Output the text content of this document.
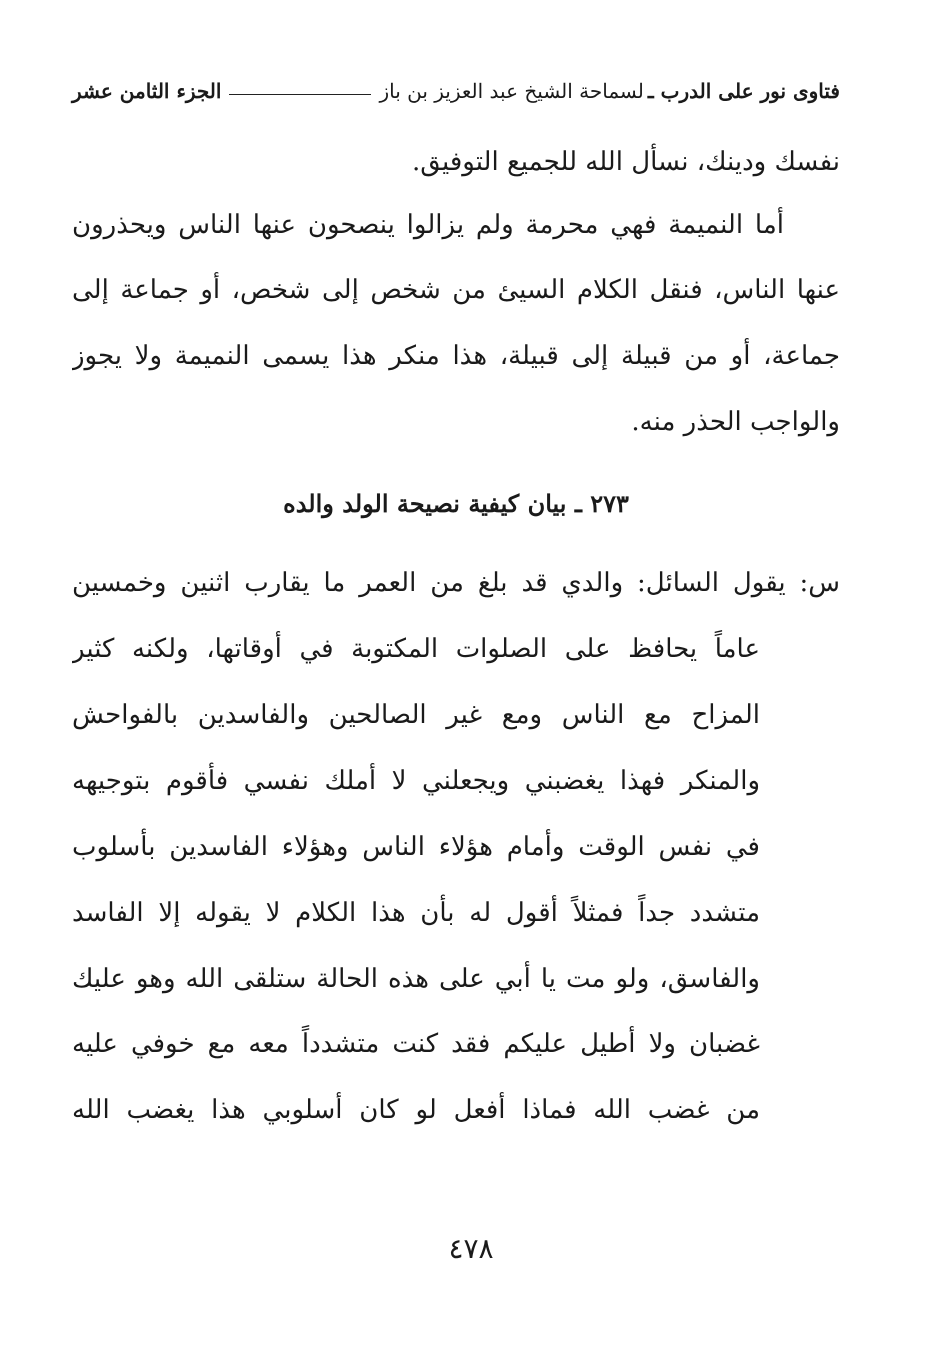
فتاوى نور على الدرب ـ
لسماحة الشيخ عبد العزيز بن باز
الجزء الثامن عشر
نفسك ودينك، نسأل الله للجميع التوفيق.
أما النميمة فهي محرمة ولم يزالوا ينصحون عنها الناس ويحذرون
عنها الناس، فنقل الكلام السيئ من شخص إلى شخص، أو جماعة إلى
جماعة، أو من قبيلة إلى قبيلة، هذا منكر هذا يسمى النميمة ولا يجوز
والواجب الحذر منه.
٢٧٣ ـ بيان كيفية نصيحة الولد والده
س: يقول السائل: والدي قد بلغ من العمر ما يقارب اثنين وخمسين
عاماً يحافظ على الصلوات المكتوبة في أوقاتها، ولكنه كثير
المزاح مع الناس ومع غير الصالحين والفاسدين بالفواحش
والمنكر فهذا يغضبني ويجعلني لا أملك نفسي فأقوم بتوجيهه
في نفس الوقت وأمام هؤلاء الناس وهؤلاء الفاسدين بأسلوب
متشدد جداً فمثلاً أقول له بأن هذا الكلام لا يقوله إلا الفاسد
والفاسق، ولو مت يا أبي على هذه الحالة ستلقى الله وهو عليك
غضبان ولا أطيل عليكم فقد كنت متشدداً معه مع خوفي عليه
من غضب الله فماذا أفعل لو كان أسلوبي هذا يغضب الله
٤٧٨
